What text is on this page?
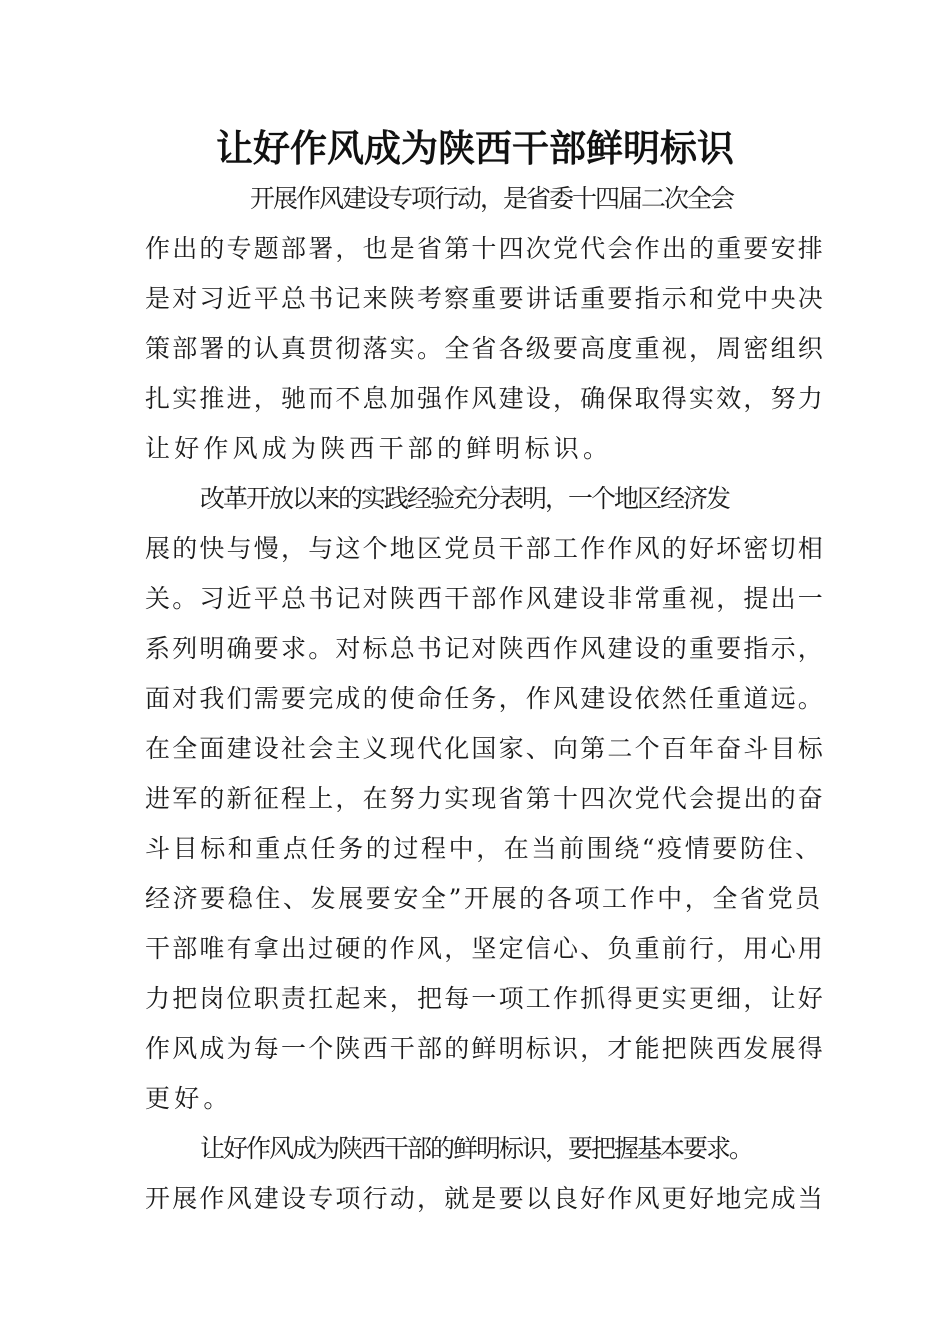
让好作风成为陕西干部鲜明标识

开展作风建设专项行动，是省委十四届二次全会

作出的专题部署，也是省第十四次党代会作出的重要安排

是对习近平总书记来陕考察重要讲话重要指示和党中央决

策部署的认真贯彻落实。全省各级要高度重视，周密组织

扎实推进，驰而不息加强作风建设，确保取得实效，努力

让好作风成为陕西干部的鲜明标识。

改革开放以来的实践经验充分表明，一个地区经济发

展的快与慢，与这个地区党员干部工作作风的好坏密切相

关。习近平总书记对陕西干部作风建设非常重视，提出一

系列明确要求。对标总书记对陕西作风建设的重要指示，

面对我们需要完成的使命任务，作风建设依然任重道远。

在全面建设社会主义现代化国家、向第二个百年奋斗目标

进军的新征程上，在努力实现省第十四次党代会提出的奋

斗目标和重点任务的过程中，在当前围绕“疫情要防住、

经济要稳住、发展要安全”开展的各项工作中，全省党员

干部唯有拿出过硬的作风，坚定信心、负重前行，用心用

力把岗位职责扛起来，把每一项工作抓得更实更细，让好

作风成为每一个陕西干部的鲜明标识，才能把陕西发展得

更好。

让好作风成为陕西干部的鲜明标识，要把握基本要求。

开展作风建设专项行动，就是要以良好作风更好地完成当
